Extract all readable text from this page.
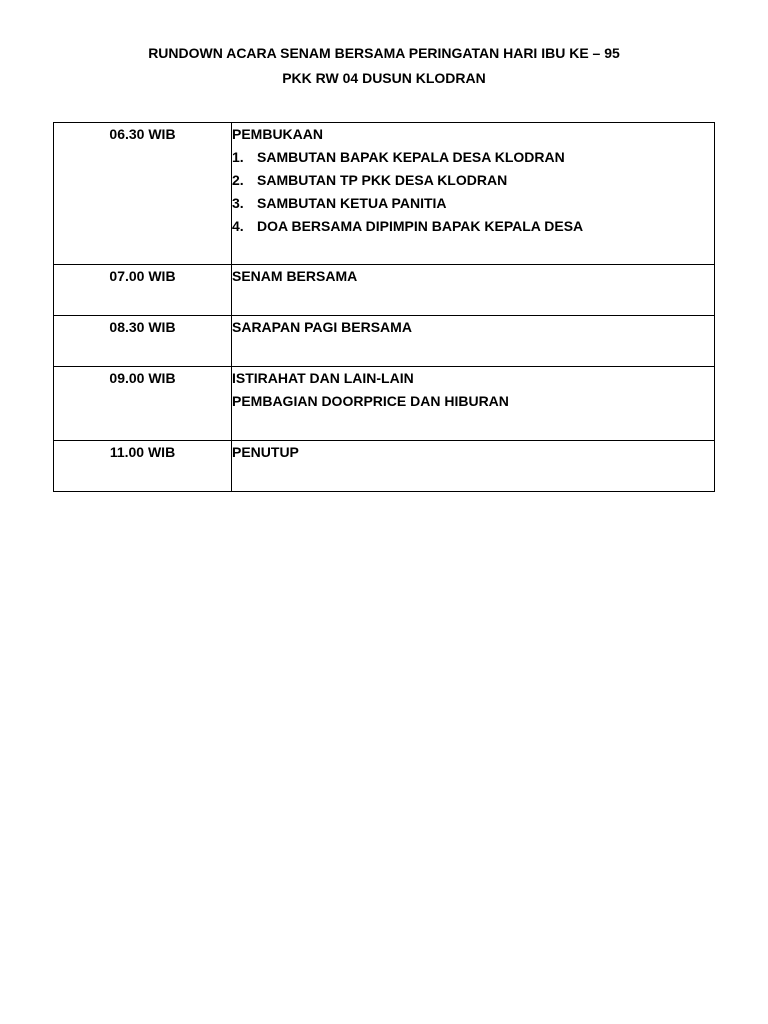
RUNDOWN ACARA SENAM BERSAMA PERINGATAN HARI IBU KE – 95
PKK RW 04 DUSUN KLODRAN
06.30 WIB	PEMBUKAAN
1. SAMBUTAN BAPAK KEPALA DESA KLODRAN
2. SAMBUTAN TP PKK DESA KLODRAN
3. SAMBUTAN KETUA PANITIA
4. DOA BERSAMA DIPIMPIN BAPAK KEPALA DESA

07.00 WIB	SENAM BERSAMA

08.30 WIB	SARAPAN PAGI BERSAMA

09.00 WIB	ISTIRAHAT DAN LAIN-LAIN
PEMBAGIAN DOORPRICE DAN HIBURAN

11.00 WIB	PENUTUP
